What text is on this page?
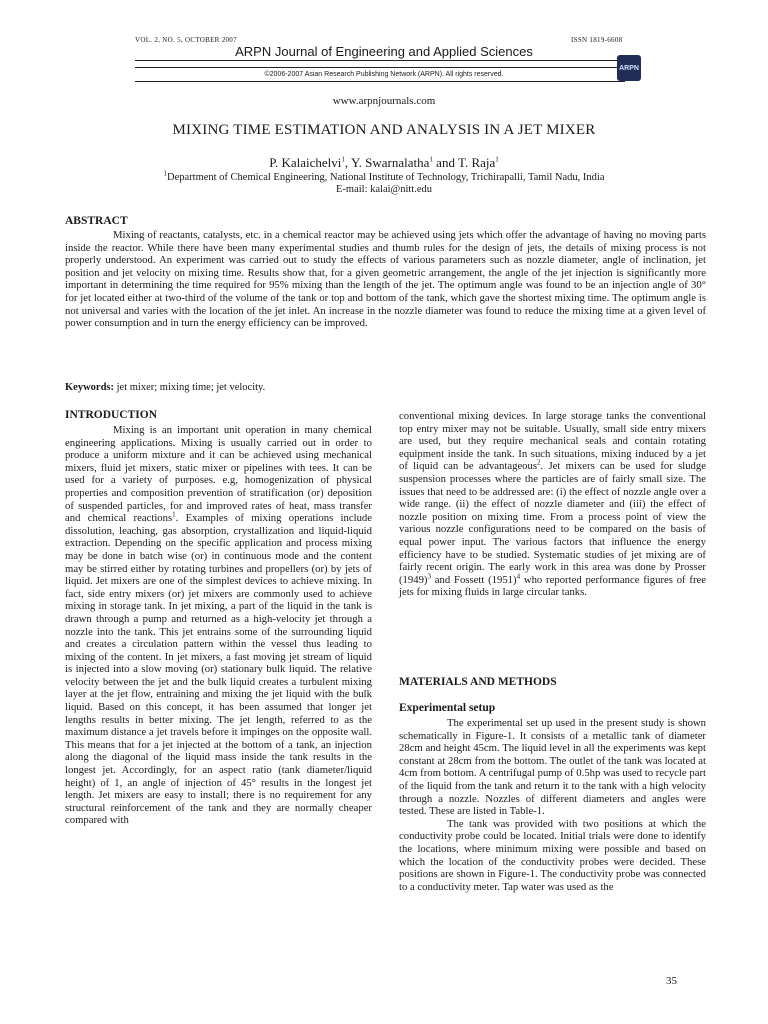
VOL. 2, NO. 5, OCTOBER 2007	ISSN 1819-6608
ARPN Journal of Engineering and Applied Sciences
©2006-2007 Asian Research Publishing Network (ARPN). All rights reserved.
ARPN
www.arpnjournals.com
MIXING TIME ESTIMATION AND ANALYSIS IN A JET MIXER
P. Kalaichelvi$^1$, Y. Swarnalatha$^1$ and T. Raja$^1$
$^1$Department of Chemical Engineering, National Institute of Technology, Trichirapalli, Tamil Nadu, India
E-mail: kalai@nitt.edu
ABSTRACT

Mixing of reactants, catalysts, etc. in a chemical reactor may be achieved using jets which offer the advantage of having no moving parts inside the reactor. While there have been many experimental studies and thumb rules for the design of jets, the details of mixing process is not properly understood. An experiment was carried out to study the effects of various parameters such as nozzle diameter, angle of inclination, jet position and jet velocity on mixing time. Results show that, for a given geometric arrangement, the angle of the jet injection is significantly more important in determining the time required for 95% mixing than the length of the jet. The optimum angle was found to be an injection angle of 30° for jet located either at two-third of the volume of the tank or top and bottom of the tank, which gave the shortest mixing time. The optimum angle is not universal and varies with the location of the jet inlet. An increase in the nozzle diameter was found to reduce the mixing time at a given level of power consumption and in turn the energy efficiency can be improved.

Keywords: jet mixer; mixing time; jet velocity.
INTRODUCTION

Mixing is an important unit operation in many chemical engineering applications. Mixing is usually carried out in order to produce a uniform mixture and it can be achieved using mechanical mixers, fluid jet mixers, static mixer or pipelines with tees. It can be used for a variety of purposes. e.g, homogenization of physical properties and composition prevention of stratification (or) deposition of suspended particles, for and improved rates of heat, mass transfer and chemical reactions$^1$. Examples of mixing operations include dissolution, leaching, gas absorption, crystallization and liquid-liquid extraction. Depending on the specific application and process mixing may be done in batch wise (or) in continuous mode and the content may be stirred either by rotating turbines and propellers (or) by jets of liquid. Jet mixers are one of the simplest devices to achieve mixing. In fact, side entry mixers (or) jet mixers are commonly used to achieve mixing in storage tank. In jet mixing, a part of the liquid in the tank is drawn through a pump and returned as a high-velocity jet through a nozzle into the tank. This jet entrains some of the surrounding liquid and creates a circulation pattern within the vessel thus leading to mixing of the content. In jet mixers, a fast moving jet stream of liquid is injected into a slow moving (or) stationary bulk liquid. The relative velocity between the jet and the bulk liquid creates a turbulent mixing layer at the jet flow, entraining and mixing the jet liquid with the bulk liquid. Based on this concept, it has been assumed that longer jet lengths results in better mixing. The jet length, referred to as the maximum distance a jet travels before it impinges on the opposite wall. This means that for a jet injected at the bottom of a tank, an injection along the diagonal of the liquid mass inside the tank results in the longest jet. Accordingly, for an aspect ratio (tank diameter/liquid height) of 1, an angle of injection of 45° results in the longest jet length. Jet mixers are easy to install; there is no requirement for any structural reinforcement of the tank and they are normally cheaper compared with

conventional mixing devices. In large storage tanks the conventional top entry mixer may not be suitable. Usually, small side entry mixers are used, but they require mechanical seals and contain rotating equipment inside the tank. In such situations, mixing induced by a jet of liquid can be advantageous$^2$. Jet mixers can be used for sludge suspension processes where the particles are of fairly small size. The issues that need to be addressed are: (i) the effect of nozzle angle over a wide range. (ii) the effect of nozzle diameter and (iii) the effect of nozzle position on mixing time. From a process point of view the various nozzle configurations need to be compared on the basis of equal power input. The various factors that influence the energy efficiency have to be studied. Systematic studies of jet mixing are of fairly recent origin. The early work in this area was done by Prosser $(1949)^3$ and Fossett $(1951)^4$ who reported performance figures of free jets for mixing fluids in large circular tanks.

MATERIALS AND METHODS
Experimental setup

The experimental set up used in the present study is shown schematically in Figure-1. It consists of a metallic tank of diameter 28cm and height 45cm. The liquid level in all the experiments was kept constant at 28cm from the bottom. The outlet of the tank was located at 4cm from bottom. A centrifugal pump of 0.5hp was used to recycle part of the liquid from the tank and return it to the tank with a high velocity through a nozzle. Nozzles of different diameters and angles were tested. These are listed in Table-1.

The tank was provided with two positions at which the conductivity probe could be located. Initial trials were done to identify the locations, where minimum mixing were possible and based on which the location of the conductivity probes were decided. These positions are shown in Figure-1. The conductivity probe was connected to a conductivity meter. Tap water was used as the

35
